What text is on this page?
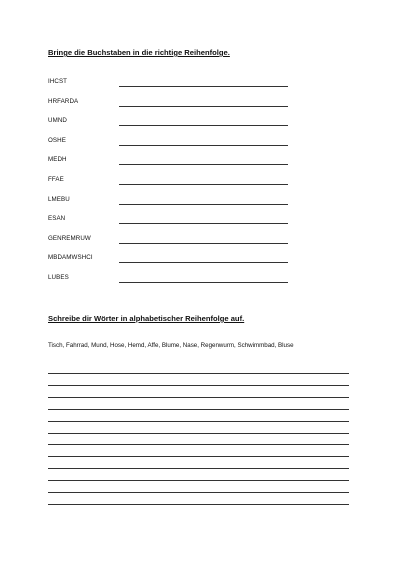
Bringe die Buchstaben in die richtige Reihenfolge.
IHCST
HRFARDA
UMND
OSHE
MEDH
FFAE
LMEBU
ESAN
GENREMRUW
MBDAMWSHCI
LUBES
Schreibe dir Wörter in alphabetischer Reihenfolge auf.
Tisch, Fahrrad, Mund, Hose, Hemd, Affe, Blume, Nase, Regenwurm, Schwimmbad, Bluse
